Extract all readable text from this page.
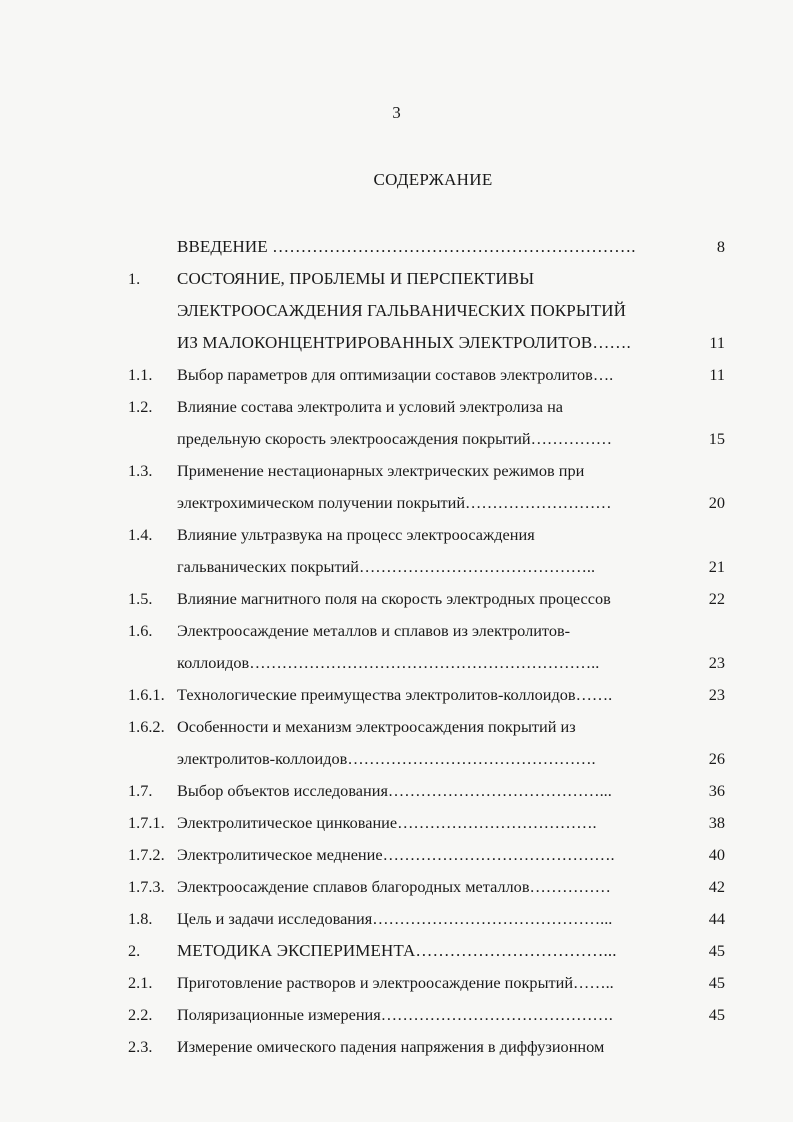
3
СОДЕРЖАНИЕ
ВВЕДЕНИЕ ……………………………………………………….	8
1. СОСТОЯНИЕ, ПРОБЛЕМЫ И ПЕРСПЕКТИВЫ
ЭЛЕКТРООСАЖДЕНИЯ ГАЛЬВАНИЧЕСКИХ ПОКРЫТИЙ
ИЗ МАЛОКОНЦЕНТРИРОВАННЫХ ЭЛЕКТРОЛИТОВ…….	11
1.1. Выбор параметров для оптимизации составов электролитов….	11
1.2. Влияние состава электролита и условий электролиза на
предельную скорость электроосаждения покрытий……………	15
1.3. Применение нестационарных электрических режимов при
электрохимическом получении покрытий………………………	20
1.4. Влияние ультразвука на процесс электроосаждения
гальванических покрытий……………………………………..	21
1.5. Влияние магнитного поля на скорость электродных процессов	22
1.6. Электроосаждение металлов и сплавов из электролитов-
коллоидов………………………………………………………..	23
1.6.1. Технологические преимущества электролитов-коллоидов…….	23
1.6.2. Особенности и механизм электроосаждения покрытий из
электролитов-коллоидов……………………………………….	26
1.7. Выбор объектов исследования…………………………………...	36
1.7.1. Электролитическое цинкование……………………………….	38
1.7.2. Электролитическое меднение…………………………………….	40
1.7.3. Электроосаждение сплавов благородных металлов……………	42
1.8. Цель и задачи исследования……………………………………...	44
2. МЕТОДИКА ЭКСПЕРИМЕНТА……………………………...	45
2.1. Приготовление растворов и электроосаждение покрытий……..	45
2.2. Поляризационные измерения…………………………………….	45
2.3. Измерение омического падения напряжения в диффузионном
